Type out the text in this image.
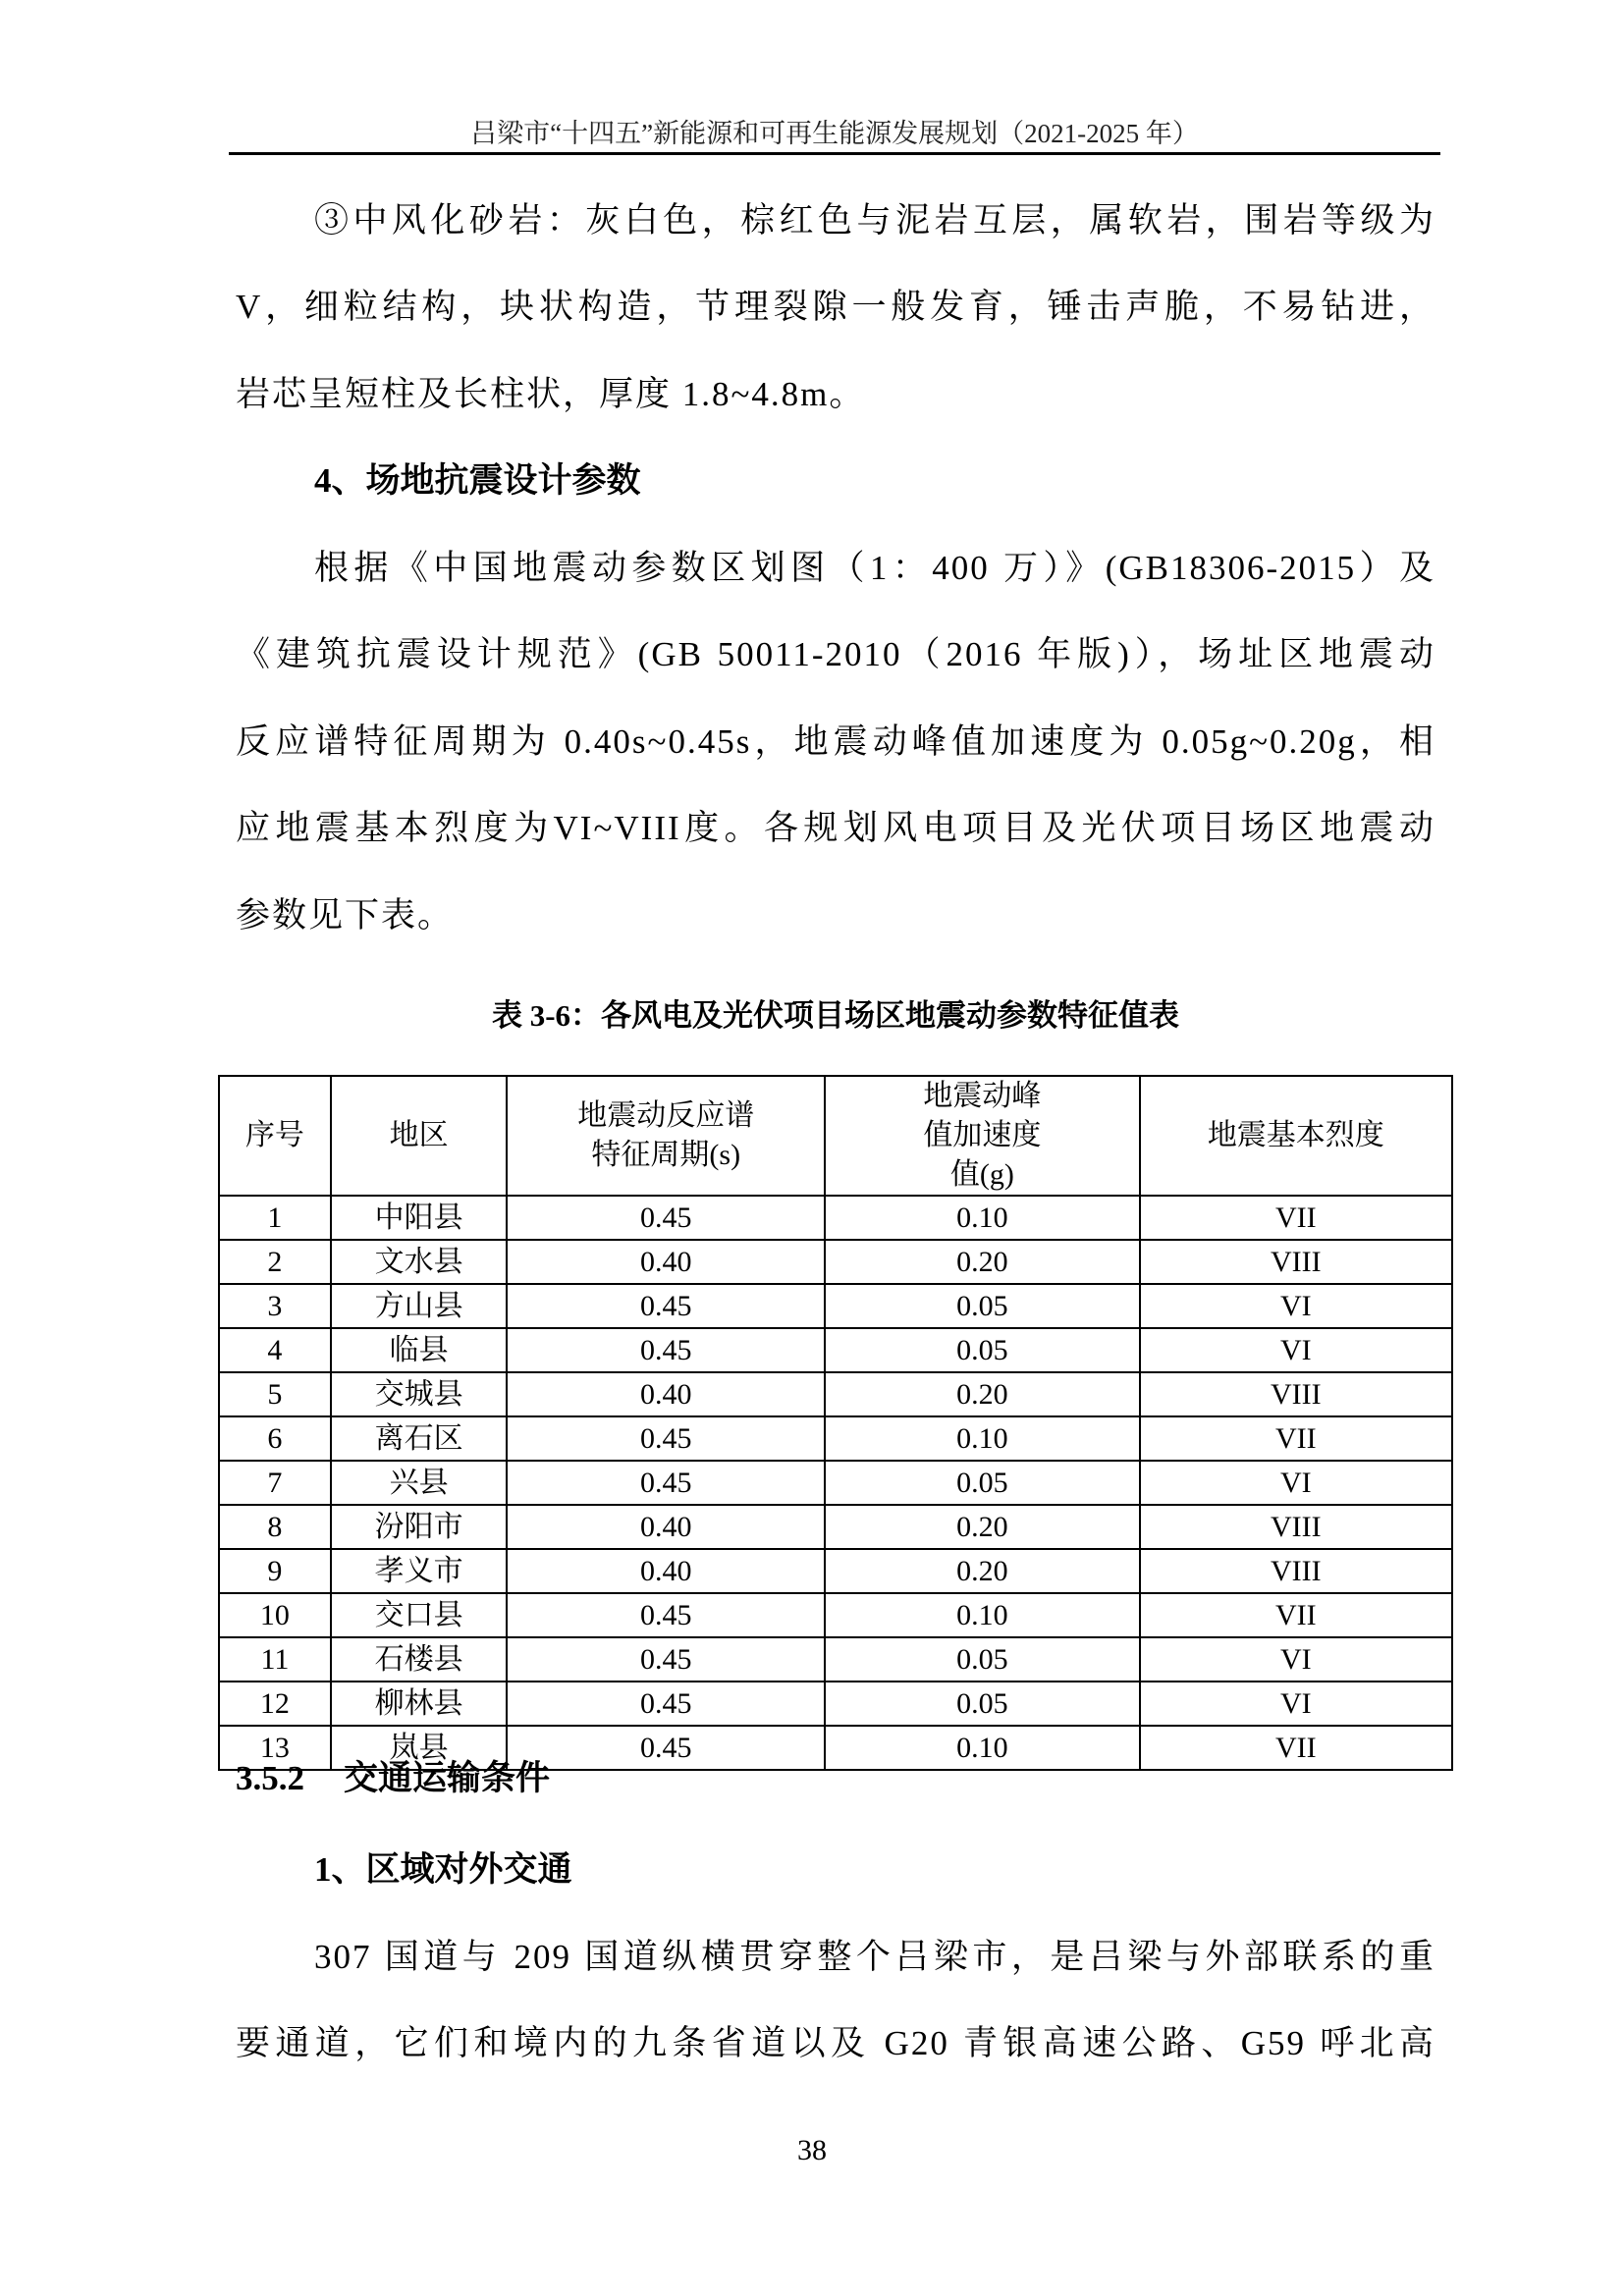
吕梁市“十四五”新能源和可再生能源发展规划（2021-2025 年）
③中风化砂岩：灰白色，棕红色与泥岩互层，属软岩，围岩等级为
V，细粒结构，块状构造，节理裂隙一般发育，锤击声脆，不易钻进，
岩芯呈短柱及长柱状，厚度 1.8~4.8m。
4、场地抗震设计参数
根据《中国地震动参数区划图（1：400 万）》(GB18306-2015）及
《建筑抗震设计规范》(GB 50011-2010（2016 年版)），场址区地震动
反应谱特征周期为 0.40s~0.45s，地震动峰值加速度为 0.05g~0.20g，相
应地震基本烈度为VI~VIII度。各规划风电项目及光伏项目场区地震动
参数见下表。
表 3-6：各风电及光伏项目场区地震动参数特征值表
序号	地区	地震动反应谱特征周期(s)	地震动峰值加速度值(g)	地震基本烈度
1	中阳县	0.45	0.10	VII
2	文水县	0.40	0.20	VIII
3	方山县	0.45	0.05	VI
4	临县	0.45	0.05	VI
5	交城县	0.40	0.20	VIII
6	离石区	0.45	0.10	VII
7	兴县	0.45	0.05	VI
8	汾阳市	0.40	0.20	VIII
9	孝义市	0.40	0.20	VIII
10	交口县	0.45	0.10	VII
11	石楼县	0.45	0.05	VI
12	柳林县	0.45	0.05	VI
13	岚县	0.45	0.10	VII
3.5.2 交通运输条件
1、区域对外交通
307 国道与 209 国道纵横贯穿整个吕梁市，是吕梁与外部联系的重
要通道，它们和境内的九条省道以及 G20 青银高速公路、G59 呼北高
38
